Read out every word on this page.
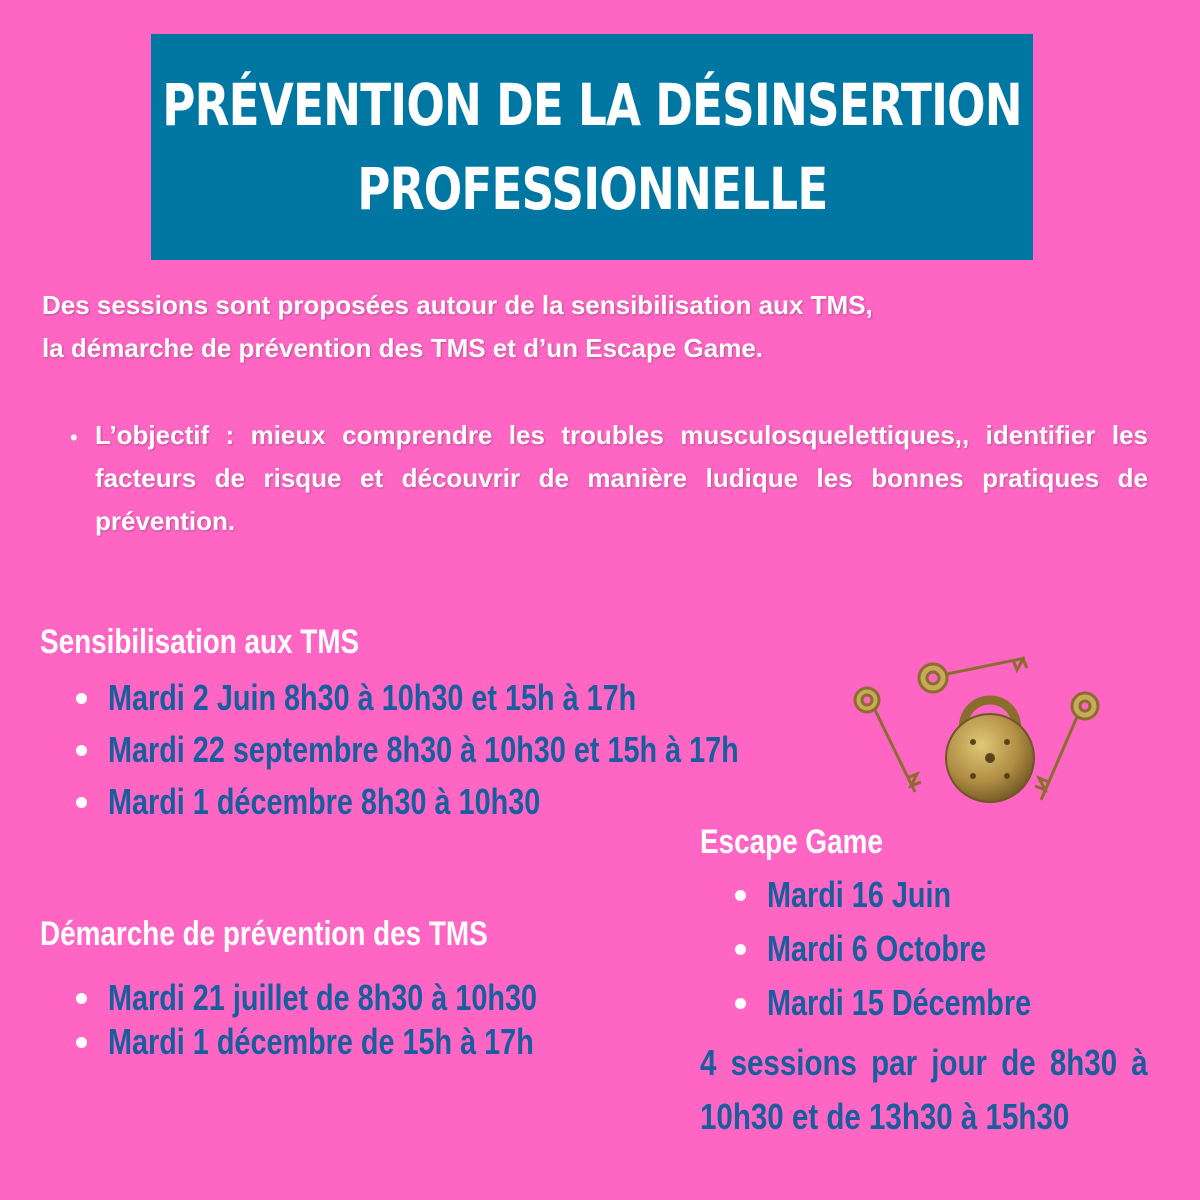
PRÉVENTION DE LA DÉSINSERTION
PROFESSIONNELLE
Des sessions sont proposées autour de la sensibilisation aux TMS,
la démarche de prévention des TMS et d’un Escape Game.
• L’objectif : mieux comprendre les troubles musculosquelettiques,, identifier les facteurs de risque et découvrir de manière ludique les bonnes pratiques de prévention.
Sensibilisation aux TMS
Mardi 2 Juin 8h30 à 10h30 et 15h à 17h
Mardi 22 septembre 8h30 à 10h30 et 15h à 17h
Mardi 1 décembre 8h30 à 10h30
Escape Game
Mardi 16 Juin
Mardi 6 Octobre
Mardi 15 Décembre
4 sessions par jour de 8h30 à 10h30 et de 13h30 à 15h30
Démarche de prévention des TMS
Mardi 21 juillet de 8h30 à 10h30
Mardi 1 décembre de 15h à 17h
